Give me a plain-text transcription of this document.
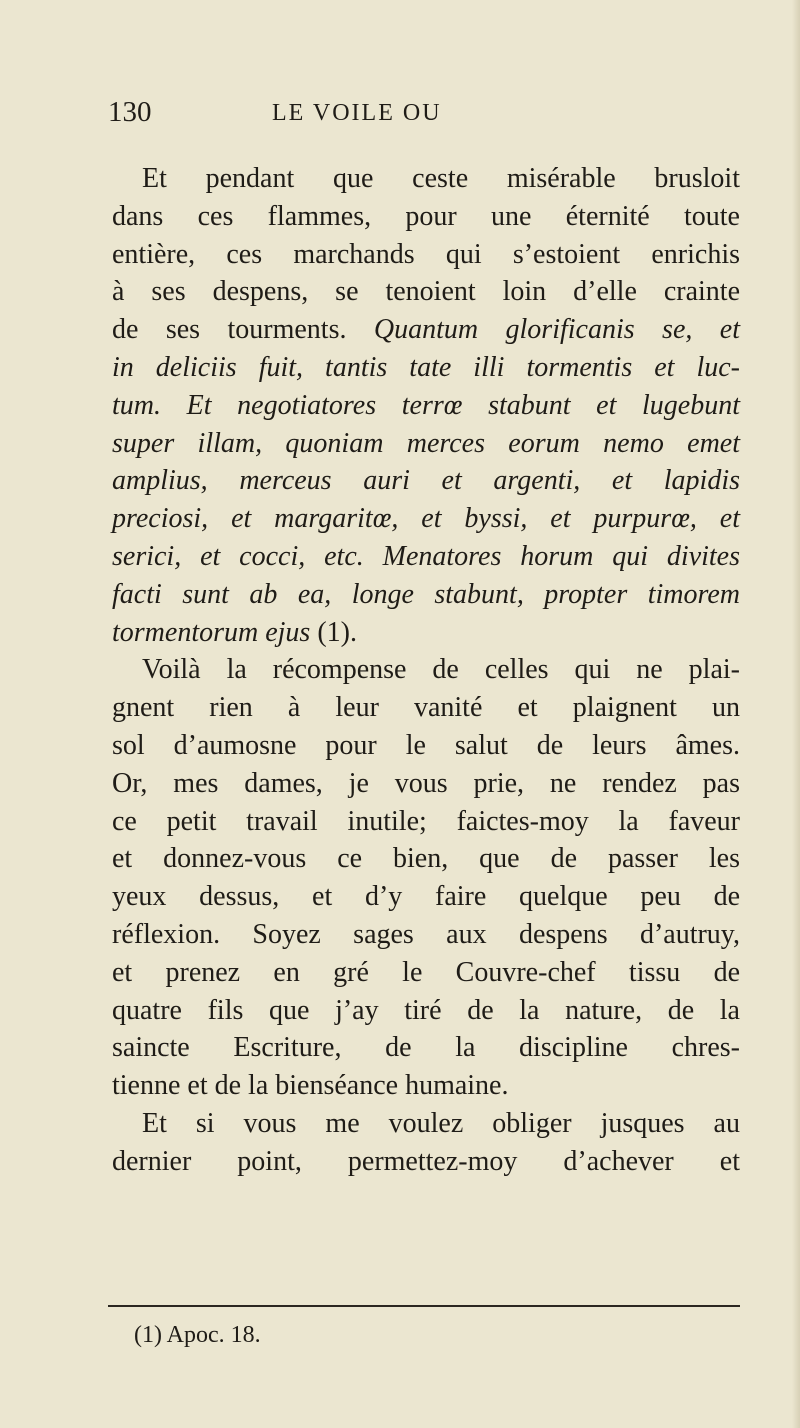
130	LE VOILE OU
Et pendant que ceste misérable brusloit
dans ces flammes, pour une éternité toute
entière, ces marchands qui s’estoient enrichis
à ses despens, se tenoient loin d’elle crainte
de ses tourments. Quantum glorificanis se, et
in deliciis fuit, tantis tate illi tormentis et luc-
tum. Et negotiatores terrœ stabunt et lugebunt
super illam, quoniam merces eorum nemo emet
amplius, merceus auri et argenti, et lapidis
preciosi, et margaritœ, et byssi, et purpurœ, et
serici, et cocci, etc. Menatores horum qui divites
facti sunt ab ea, longe stabunt, propter timorem
tormentorum ejus (1).
Voilà la récompense de celles qui ne plai-
gnent rien à leur vanité et plaignent un
sol d’aumosne pour le salut de leurs âmes.
Or, mes dames, je vous prie, ne rendez pas
ce petit travail inutile; faictes-moy la faveur
et donnez-vous ce bien, que de passer les
yeux dessus, et d’y faire quelque peu de
réflexion. Soyez sages aux despens d’autruy,
et prenez en gré le Couvre-chef tissu de
quatre fils que j’ay tiré de la nature, de la
saincte Escriture, de la discipline chres-
tienne et de la bienséance humaine.
Et si vous me voulez obliger jusques au
dernier point, permettez-moy d’achever et
(1) Apoc. 18.
